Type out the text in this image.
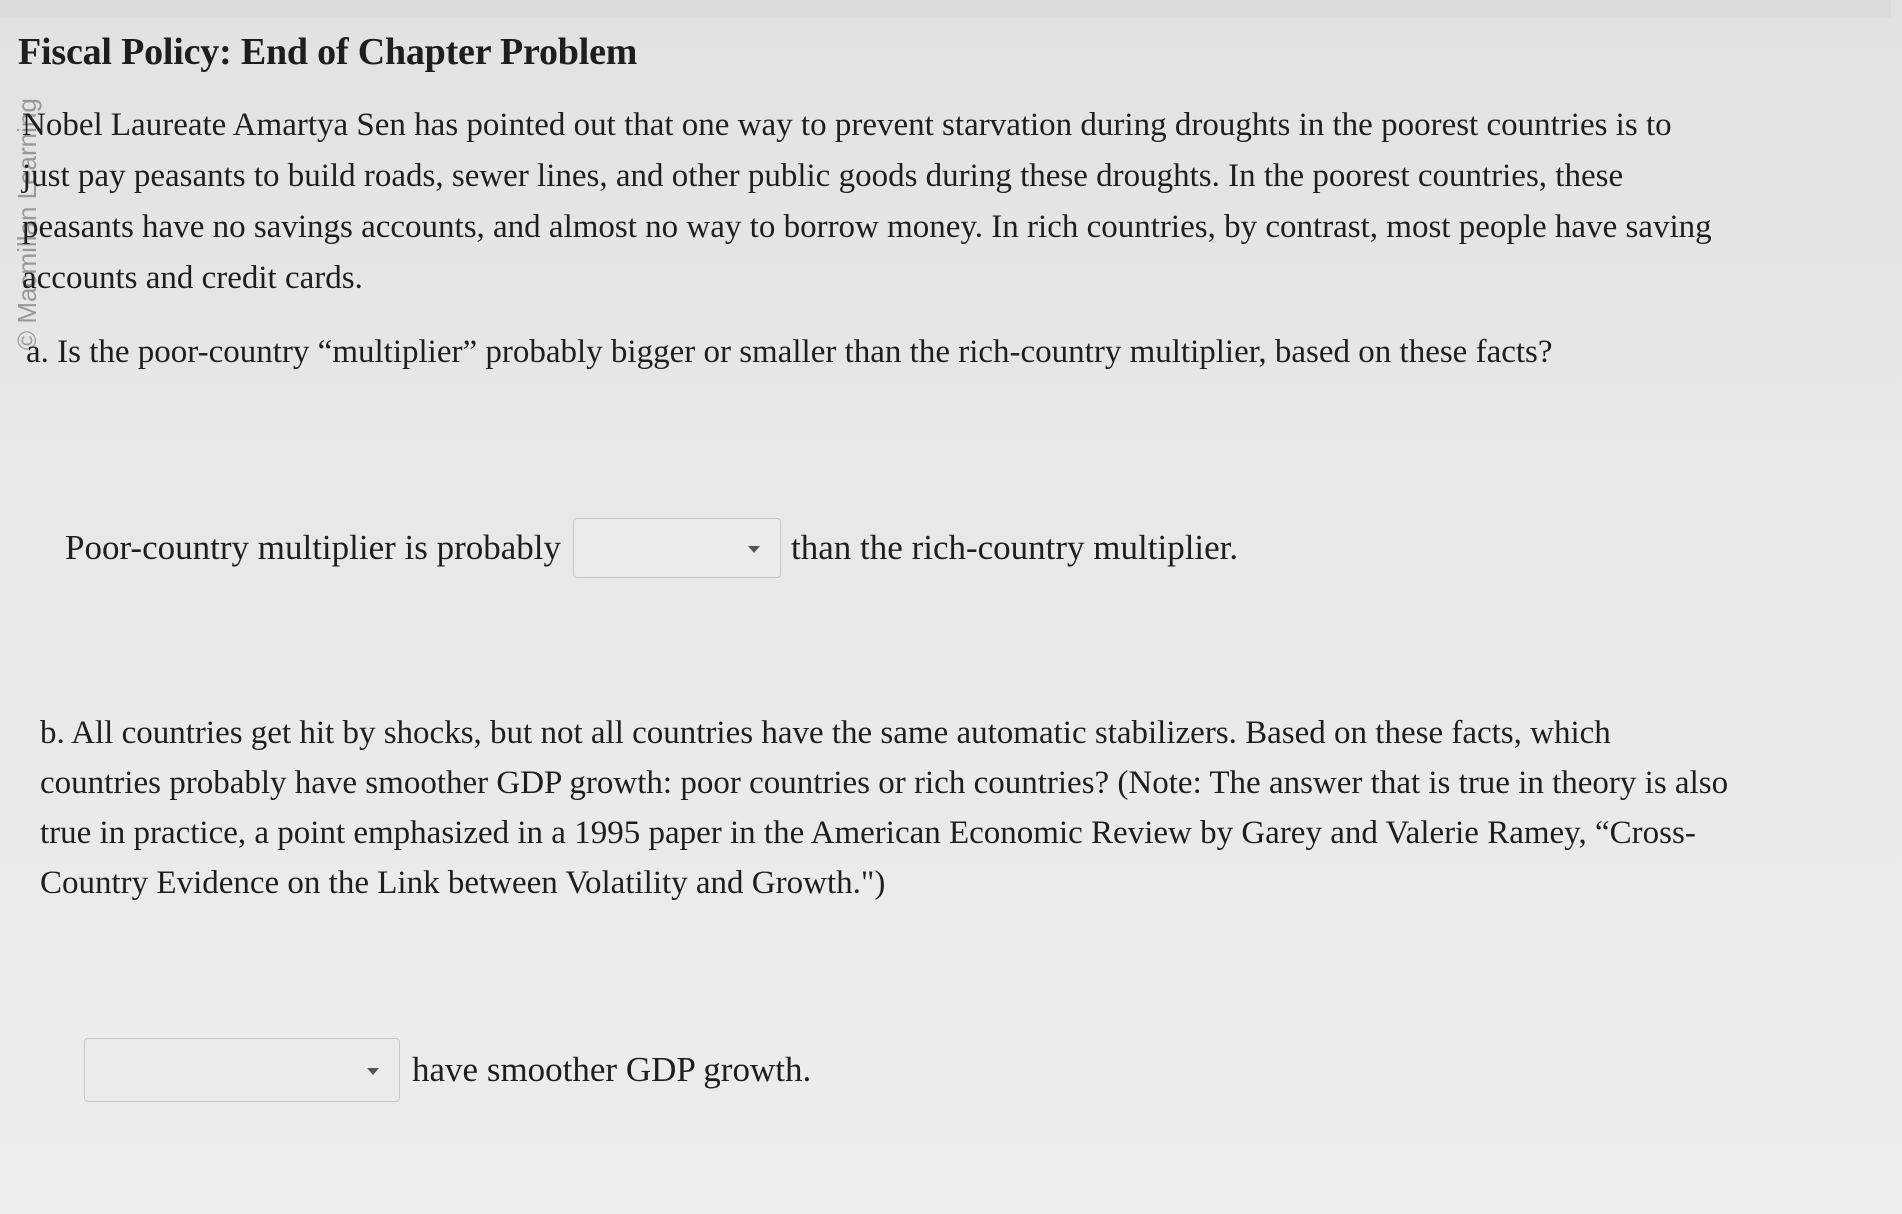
© Macmillan Learning
Fiscal Policy: End of Chapter Problem
Nobel Laureate Amartya Sen has pointed out that one way to prevent starvation during droughts in the poorest countries is to
just pay peasants to build roads, sewer lines, and other public goods during these droughts. In the poorest countries, these
peasants have no savings accounts, and almost no way to borrow money. In rich countries, by contrast, most people have saving
accounts and credit cards.

a. Is the poor-country “multiplier” probably bigger or smaller than the rich-country multiplier, based on these facts?

Poor-country multiplier is probably	than the rich-country multiplier.
b. All countries get hit by shocks, but not all countries have the same automatic stabilizers. Based on these facts, which
countries probably have smoother GDP growth: poor countries or rich countries? (Note: The answer that is true in theory is also
true in practice, a point emphasized in a 1995 paper in the American Economic Review by Garey and Valerie Ramey, “Cross-
Country Evidence on the Link between Volatility and Growth.")
have smoother GDP growth.
